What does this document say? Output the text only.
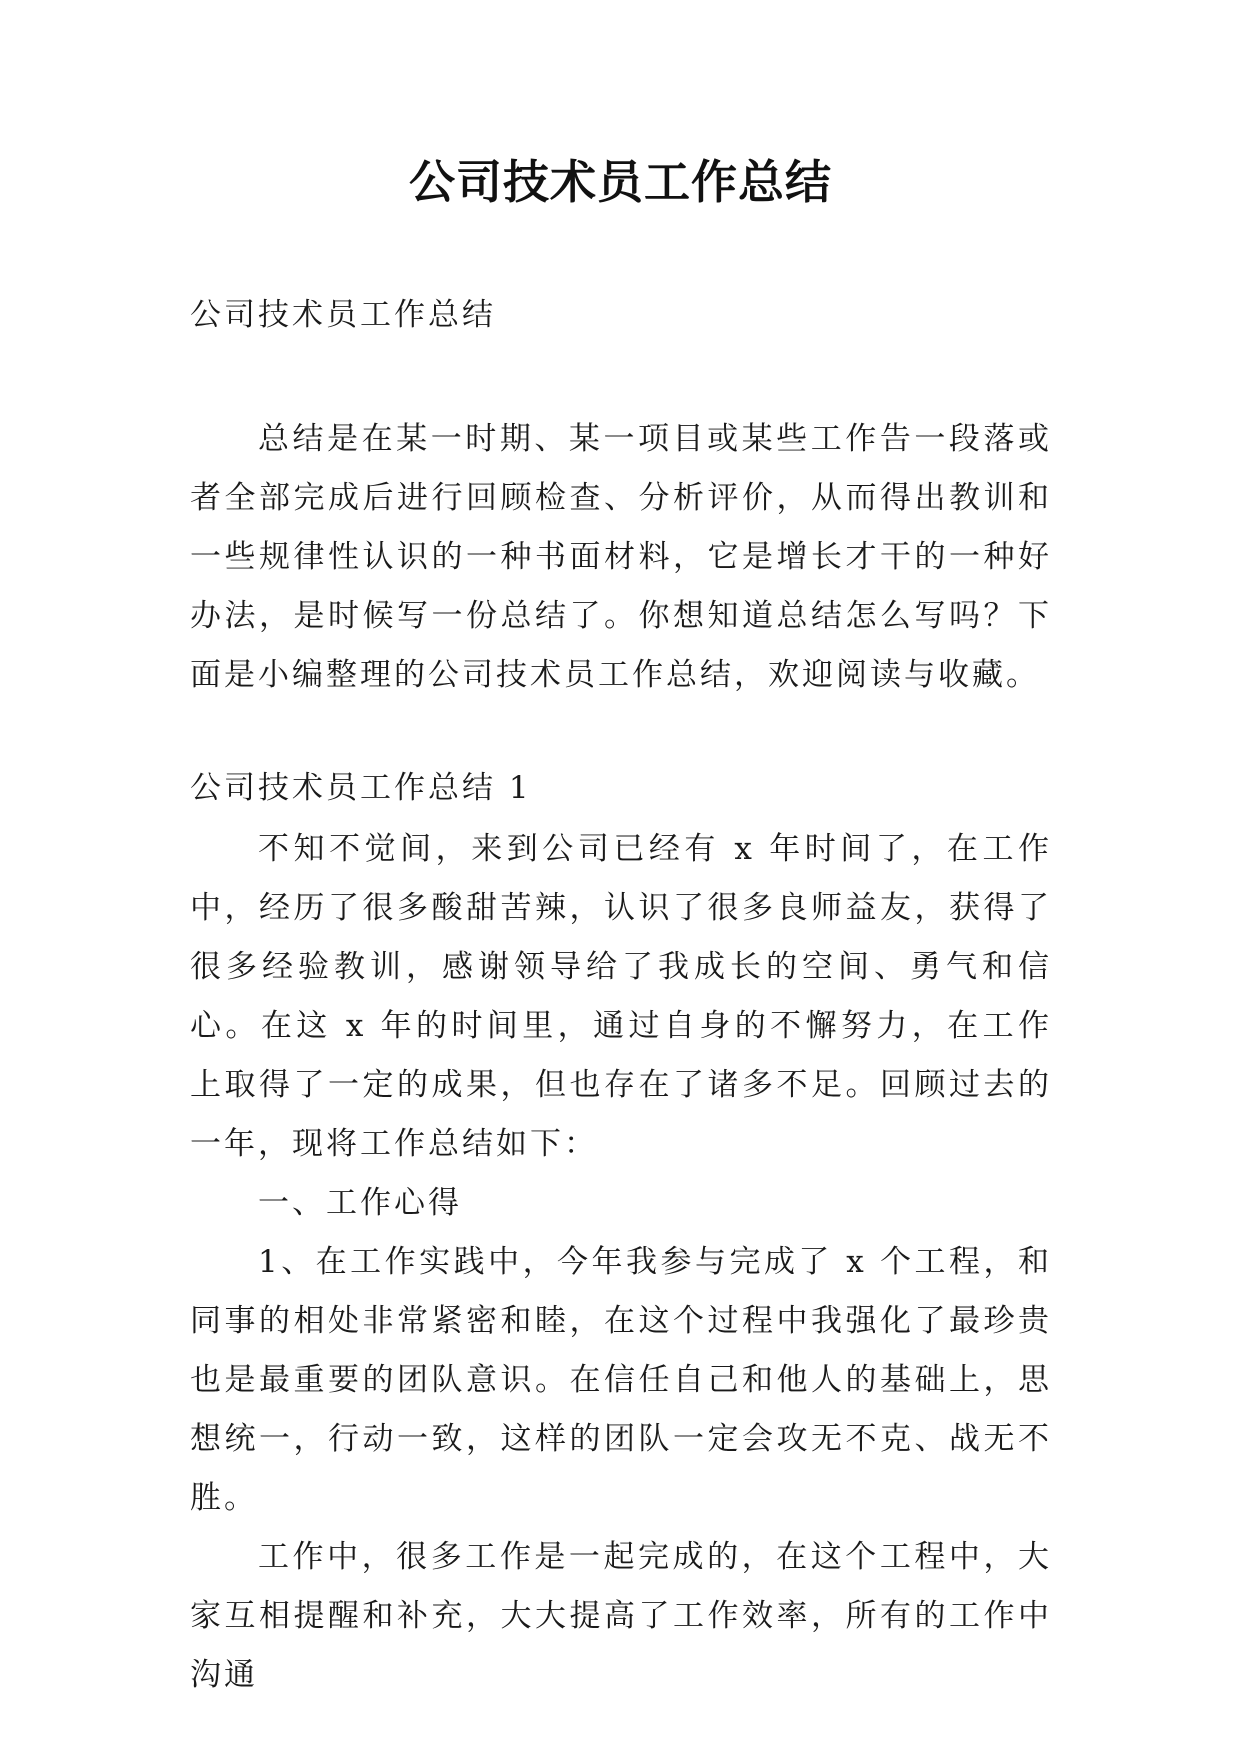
公司技术员工作总结
公司技术员工作总结

总结是在某一时期、某一项目或某些工作告一段落或者全部完成后进行回顾检查、分析评价，从而得出教训和一些规律性认识的一种书面材料，它是增长才干的一种好办法，是时候写一份总结了。你想知道总结怎么写吗？下面是小编整理的公司技术员工作总结，欢迎阅读与收藏。

公司技术员工作总结 1

不知不觉间，来到公司已经有 x 年时间了，在工作中，经历了很多酸甜苦辣，认识了很多良师益友，获得了很多经验教训，感谢领导给了我成长的空间、勇气和信心。在这 x 年的时间里，通过自身的不懈努力，在工作上取得了一定的成果，但也存在了诸多不足。回顾过去的一年，现将工作总结如下：

一、工作心得

1、在工作实践中，今年我参与完成了 x 个工程，和同事的相处非常紧密和睦，在这个过程中我强化了最珍贵也是最重要的团队意识。在信任自己和他人的基础上，思想统一，行动一致，这样的团队一定会攻无不克、战无不胜。

工作中，很多工作是一起完成的，在这个工程中，大家互相提醒和补充，大大提高了工作效率，所有的工作中沟通
